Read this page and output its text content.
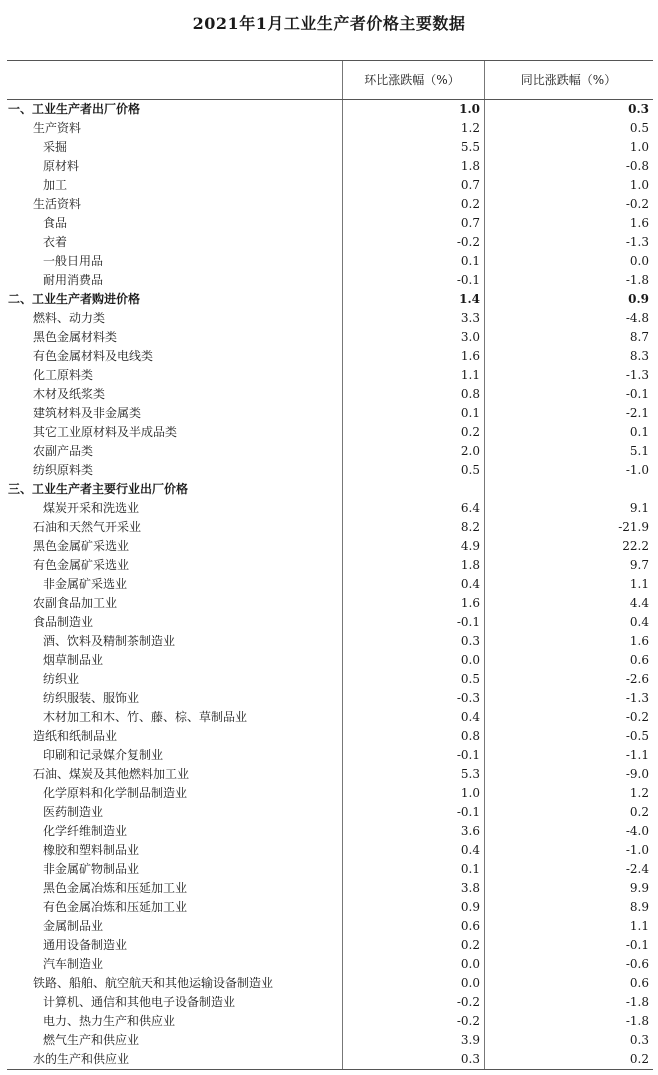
2021年1月工业生产者价格主要数据
环比涨跌幅（%）	同比涨跌幅（%）
一、工业生产者出厂价格	1.0	0.3
生产资料	1.2	0.5
采掘	5.5	1.0
原材料	1.8	-0.8
加工	0.7	1.0
生活资料	0.2	-0.2
食品	0.7	1.6
衣着	-0.2	-1.3
一般日用品	0.1	0.0
耐用消费品	-0.1	-1.8
二、工业生产者购进价格	1.4	0.9
燃料、动力类	3.3	-4.8
黑色金属材料类	3.0	8.7
有色金属材料及电线类	1.6	8.3
化工原料类	1.1	-1.3
木材及纸浆类	0.8	-0.1
建筑材料及非金属类	0.1	-2.1
其它工业原材料及半成品类	0.2	0.1
农副产品类	2.0	5.1
纺织原料类	0.5	-1.0
三、工业生产者主要行业出厂价格
煤炭开采和洗选业	6.4	9.1
石油和天然气开采业	8.2	-21.9
黑色金属矿采选业	4.9	22.2
有色金属矿采选业	1.8	9.7
非金属矿采选业	0.4	1.1
农副食品加工业	1.6	4.4
食品制造业	-0.1	0.4
酒、饮料及精制茶制造业	0.3	1.6
烟草制品业	0.0	0.6
纺织业	0.5	-2.6
纺织服装、服饰业	-0.3	-1.3
木材加工和木、竹、藤、棕、草制品业	0.4	-0.2
造纸和纸制品业	0.8	-0.5
印刷和记录媒介复制业	-0.1	-1.1
石油、煤炭及其他燃料加工业	5.3	-9.0
化学原料和化学制品制造业	1.0	1.2
医药制造业	-0.1	0.2
化学纤维制造业	3.6	-4.0
橡胶和塑料制品业	0.4	-1.0
非金属矿物制品业	0.1	-2.4
黑色金属冶炼和压延加工业	3.8	9.9
有色金属冶炼和压延加工业	0.9	8.9
金属制品业	0.6	1.1
通用设备制造业	0.2	-0.1
汽车制造业	0.0	-0.6
铁路、船舶、航空航天和其他运输设备制造业	0.0	0.6
计算机、通信和其他电子设备制造业	-0.2	-1.8
电力、热力生产和供应业	-0.2	-1.8
燃气生产和供应业	3.9	0.3
水的生产和供应业	0.3	0.2
